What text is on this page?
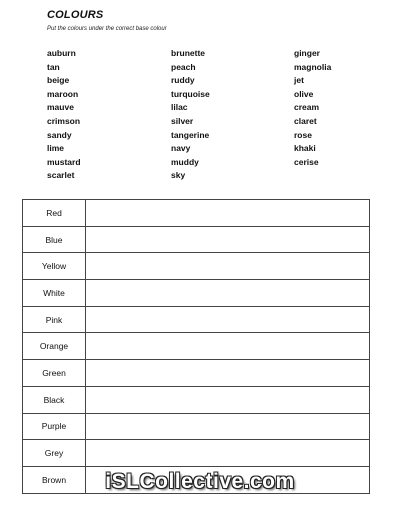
COLOURS
Put the colours under the correct base colour
auburn
tan
beige
maroon
mauve
crimson
sandy
lime
mustard
scarlet
brunette
peach
ruddy
turquoise
lilac
silver
tangerine
navy
muddy
sky
ginger
magnolia
jet
olive
cream
claret
rose
khaki
cerise
Red	
Blue	
Yellow	
White	
Pink	
Orange	
Green	
Black	
Purple	
Grey	
Brown		iSLCollective.com
